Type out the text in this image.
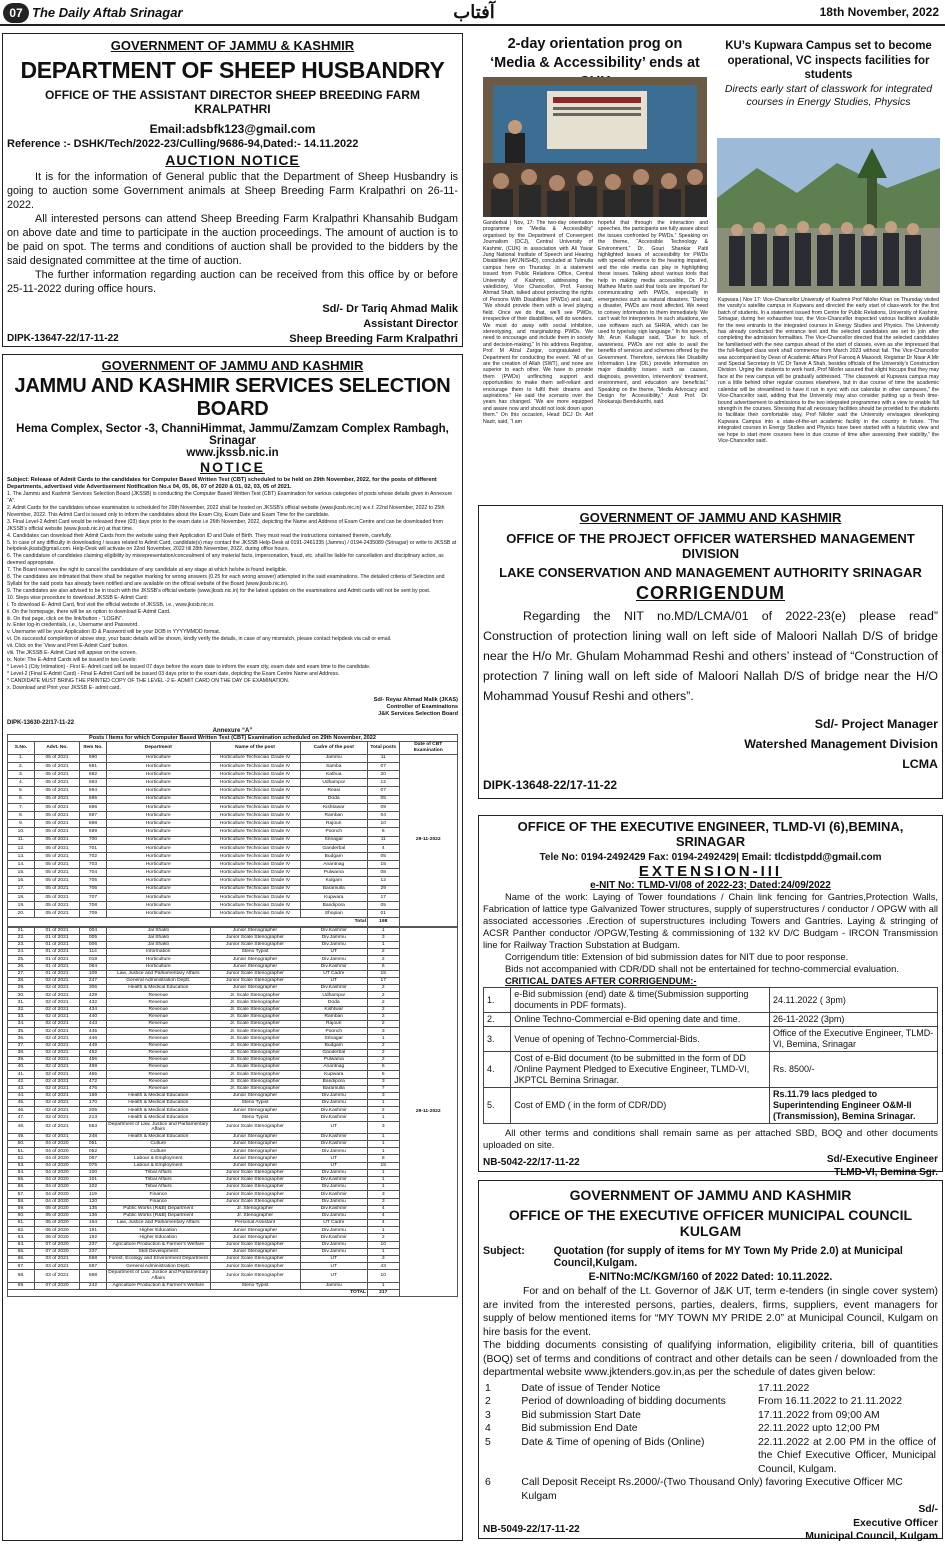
07 The Daily Aftab Srinagar	آفتاب	18th November, 2022
GOVERNMENT OF JAMMU & KASHMIR
DEPARTMENT OF SHEEP HUSBANDRY
OFFICE OF THE ASSISTANT DIRECTOR SHEEP BREEDING FARM KRALPATHRI
Email:adsbfk123@gmail.com
Reference :- DSHK/Tech/2022-23/Culling/9686-94,Dated:- 14.11.2022
AUCTION NOTICE
It is for the information of General public that the Department of Sheep Husbandry is going to auction some Government animals at Sheep Breeding Farm Kralpathri on 26-11-2022.
All interested persons can attend Sheep Breeding Farm Kralpathri Khansahib Budgam on above date and time to participate in the auction proceedings. The amount of auction is to be paid on spot. The terms and conditions of auction shall be provided to the bidders by the said designated committee at the time of auction.
The further information regarding auction can be received from this office by or before 25-11-2022 during office hours.
Sd/- Dr Tariq Ahmad Malik
Assistant Director
Sheep Breeding Farm Kralpathri
DIPK-13647-22/17-11-22
2-day orientation prog on ‘Media & Accessibility’ ends at
Ganderbal | Nov, 17: The two-day orientation programme on “Media & Accessibility” organised by the Department of Convergent Journalism (DCJ), Central University of Kashmir, (CUK) in association with Ali Yavar Jung National Institute of Speech and Hearing Disabilities (AYJNISHD), concluded at Tulmulla campus here on Thursday. In a statement issued from Public Relations Office, Central University of Kashmir, addressing the valedictory, Vice Chancellor, Prof. Farooq Ahmad Shah, talked about protecting the rights of Persons With Disabilities (PWDs) and said, “We should provide them with a level playing field. Once we do that, we’ll see PWDs, irrespective of their disabilities, will do wonders. We must do away with social inhibition, stereotyping, and marginalizing PWDs. We need to encourage and include them in society and decision-making.” In his address Registrar, Prof. M Afzal Zargar, congratulated the Department for conducting the event. “All of us are the creation of Allah (SWT), and none are superior to each other. We have to provide them (PWDs) unflinching support and opportunities to make them self-reliant and encourage them to fulfil their dreams and aspirations.” He said the scenario over the years has changed. “We are more equipped and aware now and should not look down upon them.” On this occasion, Head DCJ Dr. Arif Nazir, said, “I am
hopeful that through the interaction and speeches, the participants are fully aware about the issues confronted by PWDs.” Speaking on the theme, “Accessible Technology & Environment,” Dr. Gouri Shankar Patil highlighted issues of accessibility for PWDs with special reference to the hearing impaired, and the role media can play in highlighting these issues. Talking about various tools that help in making media accessible, Dr. P.J. Mathew Martin said that tools are important for communicating with PWDs, especially in emergencies such as natural disasters. “During a disaster, PWDs are most affected. We need to convey information to them immediately. We can’t wait for interpreters. In such situations, we use software such as SHRIA, which can be used to type/say sign language.” In his speech, Mr. Arun Kallagar said, “Due to lack of awareness, PWDs are not able to avail the benefits of services and schemes offered by the Government. Therefore, services like Disability Information Line (DIL) provide information on major disability issues such as causes, diagnosis, prevention, intervention/ treatment, environment, and education are beneficial.” Speaking on the theme, “Media Advocacy and Design for Accessibility,” Asst Prof. Dr. Nookaraju Bendukurthi, said.
KU’s Kupwara Campus set to become operational, VC inspects facilities for students
Directs early start of classwork for integrated courses in Energy Studies, Physics
Kupwara | Nov 17: Vice-Chancellor University of Kashmir Prof Nilofer Khan on Thursday visited the varsity’s satellite campus in Kupwara and directed the early start of class-work for the first batch of students. In a statement issued from Centre for Public Relations, University of Kashmir, Srinagar, during her exhaustive tour, the Vice-Chancellor inspected various facilities available for the new entrants to the integrated courses in Energy Studies and Physics. The University has already conducted the entrance test and the selected candidates are set to join after completing the admission formalities. The Vice-Chancellor directed that the selected candidates be familiarised with the new campus ahead of the start of classes, even as she impressed that the full-fledged class work shall commence from March 2023 without fail. The Vice-Chancellor was accompanied by Dean of Academic Affairs Prof Farooq A Masoodi, Registrar Dr Nisar A Mir and Special Secretary to VC Dr Tanvir A Shah, besides officials of the University’s Construction Division. Urging the students to work hard, Prof Nilofer assured that slight hiccups that they may face at the new campus will be gradually addressed. “The classwork at Kupwara campus may run a little behind other regular courses elsewhere, but in due course of time the academic calendar will be streamlined to have it run in sync with our calendar in other campuses,” the Vice-Chancellor said, adding that the University may also consider putting up a fresh time-bound advertisement to admissions to the two integrated programmes with a view to enable full strength in the courses. Stressing that all necessary facilities should be provided to the students to facilitate their comfortable stay, Prof Nilofer said the University envisages developing Kupwara Campus into a state-of-the-art academic facility in the country in future. “The integrated courses in Energy Studies and Physics have been started with a futuristic view and we hope to start more courses here in due course of time after assessing their viability,” the Vice-Chancellor said.
GOVERNMENT OF JAMMU AND KASHMIR
JAMMU AND KASHMIR SERVICES SELECTION BOARD
Hema Complex, Sector -3, ChanniHimmat, Jammu/Zamzam Complex Rambagh, Srinagar
www.jkssb.nic.in
NOTICE
Subject: Release of Admit Cards to the candidates for Computer Based Written Test (CBT) scheduled to be held on 29th November, 2022, for the posts of different Departments, advertised vide Advertisement Notification No.s 04, 05, 06, 07 of 2020 & 01, 02, 03, 05 of 2021.
1. The Jammu and Kashmir Services Selection Board (JKSSB) is conducting the Computer Based Written Test (CBT) Examination for various categories of posts whose details given in Annexure “A”.
2. Admit Cards for the candidates whose examination is scheduled for 29th November, 2022 shall be hosted on JKSSB’s official website (www.jkssb.nic.in) w.e.f. 22nd November, 2022 to 25th November, 2022. This Admit Card is issued only to inform the candidates about the Exam City, Exam Date and Exam Time for the candidate.
3. Final Level-2 Admit Card would be released three (03) days prior to the exam date i.e 26th November, 2022, depicting the Name and Address of Exam Centre and can be downloaded from JKSSB’s official website (www.jkssb.nic.in) at that time.
4. Candidates can download their Admit Cards from the website using their Application ID and Date of Birth. They must read the instructions contained therein, carefully.
5. In case of any difficulty in downloading / issues related to Admit Card, candidate(s) may contact the JKSSB Help-Desk at 0191-2461335 (Jammu) / 0194-2435089 (Srinagar) or write to JKSSB at helpdesk.jkssb@gmail.com. Help-Desk will activate on 22nd November, 2022 till 28th November, 2022, during office hours.
6. The candidature of candidates claiming eligibility by misrepresentation/concealment of any material facts, impersonation, fraud, etc. shall be liable for cancellation and disciplinary action, as deemed appropriate.
7. The Board reserves the right to cancel the candidature of any candidate at any stage at which he/she is found ineligible.
8. The candidates are intimated that there shall be negative marking for wrong answers (0.25 for each wrong answer) attempted in the said examinations. The detailed criteria of Selection and Syllabi for the said posts has already been notified and are available on the official website of the Board (www.jkssb.nic.in).
9. The candidates are also advised to be in touch with the JKSSB’s official website (www.jkssb.nic.in) for the latest updates on the examinations and Admit cards will not be sent by post.
10. Steps wise procedure to download JKSSB E- Admit Card:
i. To download E- Admit Card, first visit the official website of JKSSB, i.e., www.jkssb.nic.in.
ii. On the homepage, there will be an option to download E-Admit Card.
iii. On that page, click on the link/button - “LOGIN”.
iv. Enter log-in credentials, i.e., Username and Password.
v. Username will be your Application ID & Password will be your DOB in YYYYMMDD format.
vi. On successful completion of above step, your basic details will be shown, kindly verify the details, in case of any mismatch, please contact helpdesk via call or email.
vii. Click on the ‘View and Print E-Admit Card’ button.
viii. The JKSSB E- Admit Card will appear on the screen.
ix. Note: The E-Admit Cards will be issued in two Levels:
* Level-1 (City Intimation) - First E- Admit card will be issued 07 days before the exam date to inform the exam city, exam date and exam time to the candidate.
* Level-2 (Final E-Admit Card) - Final E-Admit Card will be issued 03 days prior to the exam date, depicting the Exam Centre Name and Address.
* CANDIDATE MUST BRING THE PRINTED COPY OF THE LEVEL -2 E- ADMIT CARD ON THE DAY OF EXAMINATION.
x. Download and Print your JKSSB E- admit card.
Sd/- Reyaz Ahmad Malik (JKAS)
Controller of Examinations
J&K Services Selection Board
DIPK-13630-22/17-11-22
Annexure “A”
Posts / Items for which Computer Based Written Test (CBT) Examination scheduled on 29th November, 2022
S.No.	Advt. No.	Item No.	Department	Name of the post	Cadre of the post	Total posts	Date of CBT Examination
1.	05 of 2021	690	Horticulture	Horticulture Technician Grade IV	Jammu	11	29-11-2022
2.	05 of 2021	691	Horticulture	Horticulture Technician Grade IV	Samba	07	
3.	05 of 2021	692	Horticulture	Horticulture Technician Grade IV	Kathua	20	
4.	05 of 2021	693	Horticulture	Horticulture Technician Grade IV	Udhampur	12	
5.	05 of 2021	694	Horticulture	Horticulture Technician Grade IV	Reasi	07	
6.	05 of 2021	695	Horticulture	Horticulture Technician Grade IV	Doda	05	
7.	05 of 2021	696	Horticulture	Horticulture Technician Grade IV	Kishtawar	09	
8.	05 of 2021	697	Horticulture	Horticulture Technician Grade IV	Ramban	04	
9.	05 of 2021	698	Horticulture	Horticulture Technician Grade IV	Rajouri	10	
10.	05 of 2021	699	Horticulture	Horticulture Technician Grade IV	Poonch	6	
11.	05 of 2021	700	Horticulture	Horticulture Technician Grade IV	Srinagar	11	
12.	05 of 2021	701	Horticulture	Horticulture Technician Grade IV	Ganderbal	4	
13.	05 of 2021	702	Horticulture	Horticulture Technician Grade IV	Budgam	05	
14.	05 of 2021	703	Horticulture	Horticulture Technician Grade IV	Anantnag	15	
15.	05 of 2021	704	Horticulture	Horticulture Technician Grade IV	Pulwama	08	
16.	05 of 2021	705	Horticulture	Horticulture Technician Grade IV	Kulgam	12	
17.	05 of 2021	706	Horticulture	Horticulture Technician Grade IV	Baramulla	29	
18.	05 of 2021	707	Horticulture	Horticulture Technician Grade IV	Kupwara	17	
19.	05 of 2021	708	Horticulture	Horticulture Technician Grade IV	Bandipora	05	
20.	05 of 2021	709	Horticulture	Horticulture Technician Grade IV	Shopian	01	
Total						198	
21.	01 of 2021	004	Jal Shakti	Junior Stenographer	Div.Kashmir	1	29-11-2022
22.	01 of 2021	005	Jal Shakti	Junior Scale Stenographer	Div.Jammu	3	
23.	01 of 2021	006	Jal Shakti	Junior Scale Stenographer	Div.Jammu	1	
24.	01 of 2021	114	Information	Steno Typist	UT	2	
25.	01 of 2021	019	Horticulture	Junior Stenographer	Div.Jammu	2	
26.	01 of 2021	064	Horticulture	Junior Stenographer	Div.Kashmir	6	
27.	01 of 2021	109	Law, Justice and Parliamentary Affairs	Junior Scale Stenographer	UT Cadre	15	
28.	02 of 2021	247	General Administration Deptt.	Junior Scale Stenographer	UT	17	
29.	02 of 2021	306	Health & Medical Education	Junior Stenographer	Div.Kashmir	2	
30.	02 of 2021	429	Revenue	Jr. Scale Stenographer	Udhampur	2	
31.	02 of 2021	432	Revenue	Jr. Scale Stenographer	Doda	2	
32.	02 of 2021	434	Revenue	Jr. Scale Stenographer	Kishtwar	2	
33.	02 of 2021	440	Revenue	Jr. Scale Stenographer	Ramban	2	
34.	02 of 2021	443	Revenue	Jr. Scale Stenographer	Rajouri	2	
35.	02 of 2021	445	Revenue	Jr. Scale Stenographer	Poonch	3	
36.	02 of 2021	446	Revenue	Jr. Scale Stenographer	Srinagar	1	
37.	02 of 2021	449	Revenue	Jr. Scale Stenographer	Budgam	2	
38.	02 of 2021	452	Revenue	Jr. Scale Stenographer	Ganderbal	2	
39.	02 of 2021	456	Revenue	Jr. Scale Stenographer	Pulwama	2	
40.	02 of 2021	459	Revenue	Jr. Scale Stenographer	Anantnag	6	
41.	02 of 2021	465	Revenue	Jr. Scale Stenographer	Kupwara	5	
42.	02 of 2021	472	Revenue	Jr. Scale Stenographer	Bandipora	3	
43.	02 of 2021	476	Revenue	Jr. Scale Stenographer	Baramulla	7	
44.	02 of 2021	169	Health & Medical Education	Junior Stenographer	Div.Jammu	3	
45.	02 of 2021	170	Health & Medical Education	Steno Typist	Div.Jammu	1	
46.	02 of 2021	205	Health & Medical Education	Junior Stenographer	Div.Kashmir	2	
47.	02 of 2021	213	Health & Medical Education	Steno Typist	Div.Kashmir	1	
48.	02 of 2021	553	Department of Law, Justice and Parliamentary Affairs	Junior Scale Stenographer	UT	3	
49.	02 of 2021	248	Health & Medical Education	Junior Stenographer	Div.Kashmir	1	
50.	04 of 2020	051	Culture	Junior Stenographer	Div.Kashmir	1	
51.	04 of 2020	052	Culture	Junior Stenographer	Div.Jammu	1	
52.	04 of 2020	067	Labour & Employment	Junior Stenographer	UT	8	
53.	04 of 2020	075	Labour & Employment	Junior Stenographer	UT	15	
54.	04 of 2020	100	Tribal Affairs	Junior Scale Stenographer	Div.Jammu	1	
55.	04 of 2020	101	Tribal Affairs	Junior Scale Stenographer	Div.Kashmir	1	
56.	04 of 2020	102	Tribal Affairs	Junior Scale Stenographer	Div.Jammu	1	
57.	04 of 2020	119	Finance	Junior Scale Stenographer	Div.Kashmir	3	
58.	04 of 2020	120	Finance	Junior Scale Stenographer	Div.Jammu	3	
59.	05 of 2020	135	Public Works (R&B) Department	Jr. Stenographer	Div.Kashmir	4	
60.	05 of 2020	136	Public Works (R&B) Department	Jr. Stenographer	Div.Jammu	4	
61.	05 of 2020	154	Law, Justice and Parliamentary Affairs	Personal Assistant	UT Cadre	4	
62.	06 of 2020	191	Higher Education	Junior Stenographer	Div.Jammu	1	
63.	06 of 2020	192	Higher Education	Junior Stenographer	Div.Kashmir	2	
64.	07 of 2020	237	Agriculture Production & Farmer’s Welfare	Junior Scale Stenographer	Div.Jammu	10	
65.	07 of 2020	237	Skill Development	Junior Stenographer	Div.Jammu	1	
66.	03 of 2021	558	Forest, Ecology and Environment Department	Junior Scale Stenographer	UT	3	
67.	03 of 2021	597	General Administration Deptt.	Junior Scale Stenographer	UT	43	
68.	03 of 2021	598	Department of Law, Justice and Parliamentary Affairs	Junior Scale Stenographer	UT	10	
69.	07 of 2020	242	Agriculture Production & Farmer’s Welfare	Steno Typist	Jammu	1	
TOTAL						217	
GOVERNMENT OF JAMMU AND KASHMIR
OFFICE OF THE PROJECT OFFICER WATERSHED MANAGEMENT DIVISION
LAKE CONSERVATION AND MANAGEMENT AUTHORITY SRINAGAR
CORRIGENDUM
Regarding the NIT no.MD/LCMA/01 of 2022-23(e) please read” Construction of protection lining wall on left side of Maloori Nallah D/S of bridge near the H/o Mr. Ghulam Mohammad Reshi and others’ instead of “Construction of protection 7 lining wall on left side of Maloori Nallah D/S of bridge near the H/O Mohammad Yousuf Reshi and others”.
Sd/- Project Manager
Watershed Management Division
LCMA
DIPK-13648-22/17-11-22
OFFICE OF THE EXECUTIVE ENGINEER, TLMD-VI (6),BEMINA, SRINAGAR
Tele No: 0194-2492429 Fax: 0194-2492429| Email: tlcdistpdd@gmail.com
EXTENSION-III
e-NIT No: TLMD-VI/08 of 2022-23; Dated:24/09/2022
Name of the work: Laying of Tower foundations / Chain link fencing for Gantries,Protection Walls, Fabrication of lattice type Galvanized Tower structures, supply of superstructures / conductor / OPGW with all associated accessories .Erection of superstructures including Towers and Gantries. Laying & stringing of ACSR Panther conductor /OPGW,Testing & commissioning of 132 kV D/C Budgam - IRCON Transmission line for Railway Traction Substation at Budgam.
Corrigendum title: Extension of bid submission dates for NIT due to poor response.
Bids not accompanied with CDR/DD shall not be entertained for techno-commercial evaluation.
CRITICAL DATES AFTER CORRIGENDUM:-
1.	e-Bid submission (end) date & time(Submission supporting documents in PDF formats).	24.11.2022 ( 3pm)
2.	Online Techno-Commercial e-Bid opening date and time.	26-11-2022 (3pm)
3.	Venue of opening of Techno-Commercial-Bids.	Office of the Executive Engineer, TLMD-VI, Bemina, Srinagar
4.	Cost of e-Bid document (to be submitted in the form of DD /Online Payment Pledged to Executive Engineer, TLMD-VI, JKPTCL Bemina Srinagar.	Rs. 8500/-
5.	Cost of EMD ( in the form of CDR/DD)	Rs.11.79 lacs pledged to Superintending Engineer O&M-II (Transmission), Bemina Srinagar.
All other terms and conditions shall remain same as per attached SBD, BOQ and other documents uploaded on site.
Sd/-Executive Engineer
TLMD-VI, Bemina Sgr.
NB-5042-22/17-11-22
GOVERNMENT OF JAMMU AND KASHMIR
OFFICE OF THE EXECUTIVE OFFICER MUNICIPAL COUNCIL KULGAM
Subject:	Quotation (for supply of items for MY Town My Pride 2.0) at Municipal Council,Kulgam.
E-NITNo:MC/KGM/160 of 2022 Dated: 10.11.2022.
For and on behalf of the Lt. Governor of J&K UT, term e-tenders (in single cover system) are invited from the interested persons, parties, dealers, firms, suppliers, event managers for supply of below mentioned items for “MY TOWN MY PRIDE 2.0” at Municipal Council, Kulgam on hire basis for the event.
The bidding documents consisting of qualifying information, eligibility criteria, bill of quantities (BOQ) set of terms and conditions of contract and other details can be seen / downloaded from the departmental website www.jktenders.gov.in,as per the schedule of dates given below:
1	Date of issue of Tender Notice	17.11.2022
2	Period of downloading of bidding documents	From 16.11.2022 to 21.11.2022
3	Bid submission Start Date	17.11.2022 from 09;00 AM
4	Bid submission End Date	22.11.2022 upto 12;00 PM
5	Date & Time of opening of Bids (Online)	22.11.2022 at 2.00 PM in the office of the Chief Executive Officer, Municipal Council, Kulgam.
6	Call Deposit Receipt Rs.2000/-(Two Thousand Only) favoring Executive Officer MC Kulgam	
Sd/-
Executive Officer
Municipal Council, Kulgam
NB-5049-22/17-11-22
